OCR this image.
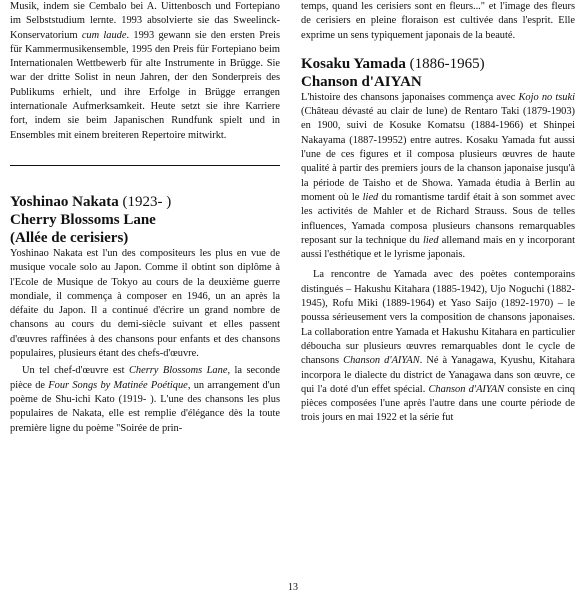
Musik, indem sie Cembalo bei A. Uittenbosch und Fortepiano im Selbststudium lernte. 1993 absolvierte sie das Sweelinck-Konservatorium cum laude. 1993 gewann sie den ersten Preis für Kammermusikensemble, 1995 den Preis für Fortepiano beim Internationalen Wettbewerb für alte Instrumente in Brügge. Sie war der dritte Solist in neun Jahren, der den Sonderpreis des Publikums erhielt, und ihre Erfolge in Brügge errangen internationale Aufmerksamkeit. Heute setzt sie ihre Karriere fort, indem sie beim Japanischen Rundfunk spielt und in Ensembles mit einem breiteren Repertoire mitwirkt.

Yoshinao Nakata (1923- )

Cherry Blossoms Lane

(Allée de cerisiers)

Yoshinao Nakata est l'un des compositeurs les plus en vue de musique vocale solo au Japon. Comme il obtint son diplôme à l'Ecole de Musique de Tokyo au cours de la deuxième guerre mondiale, il commença à composer en 1946, un an après la défaite du Japon. Il a continué d'écrire un grand nombre de chansons au cours du demi-siècle suivant et elles passent d'œuvres raffinées à des chansons pour enfants et des chansons populaires, plusieurs étant des chefs-d'œuvre.

Un tel chef-d'œuvre est Cherry Blossoms Lane, la seconde pièce de Four Songs by Matinée Poétique, un arrangement d'un poème de Shu-ichi Kato (1919- ). L'une des chansons les plus populaires de Nakata, elle est remplie d'élégance dès la toute première ligne du poème "Soirée de prin-

temps, quand les cerisiers sont en fleurs..." et l'image des fleurs de cerisiers en pleine floraison est cultivée dans l'esprit. Elle exprime un sens typiquement japonais de la beauté.

Kosaku Yamada (1886-1965)

Chanson d'AIYAN

L'histoire des chansons japonaises commença avec Kojo no tsuki (Château dévasté au clair de lune) de Rentaro Taki (1879-1903) en 1900, suivi de Kosuke Komatsu (1884-1966) et Shinpei Nakayama (1887-19952) entre autres. Kosaku Yamada fut aussi l'une de ces figures et il composa plusieurs œuvres de haute qualité à partir des premiers jours de la chanson japonaise jusqu'à la période de Taisho et de Showa. Yamada étudia à Berlin au moment où le lied du romantisme tardif était à son sommet avec les activités de Mahler et de Richard Strauss. Sous de telles influences, Yamada composa plusieurs chansons remarquables reposant sur la technique du lied allemand mais en y incorporant aussi l'esthétique et le lyrisme japonais.

La rencontre de Yamada avec des poètes contemporains distingués – Hakushu Kitahara (1885-1942), Ujo Noguchi (1882-1945), Rofu Miki (1889-1964) et Yaso Saijo (1892-1970) – le poussa sérieusement vers la composition de chansons japonaises. La collaboration entre Yamada et Hakushu Kitahara en particulier déboucha sur plusieurs œuvres remarquables dont le cycle de chansons Chanson d'AIYAN. Né à Yanagawa, Kyushu, Kitahara incorpora le dialecte du district de Yanagawa dans son œuvre, ce qui l'a doté d'un effet spécial. Chanson d'AIYAN consiste en cinq pièces composées l'une après l'autre dans une courte période de trois jours en mai 1922 et la série fut

13
